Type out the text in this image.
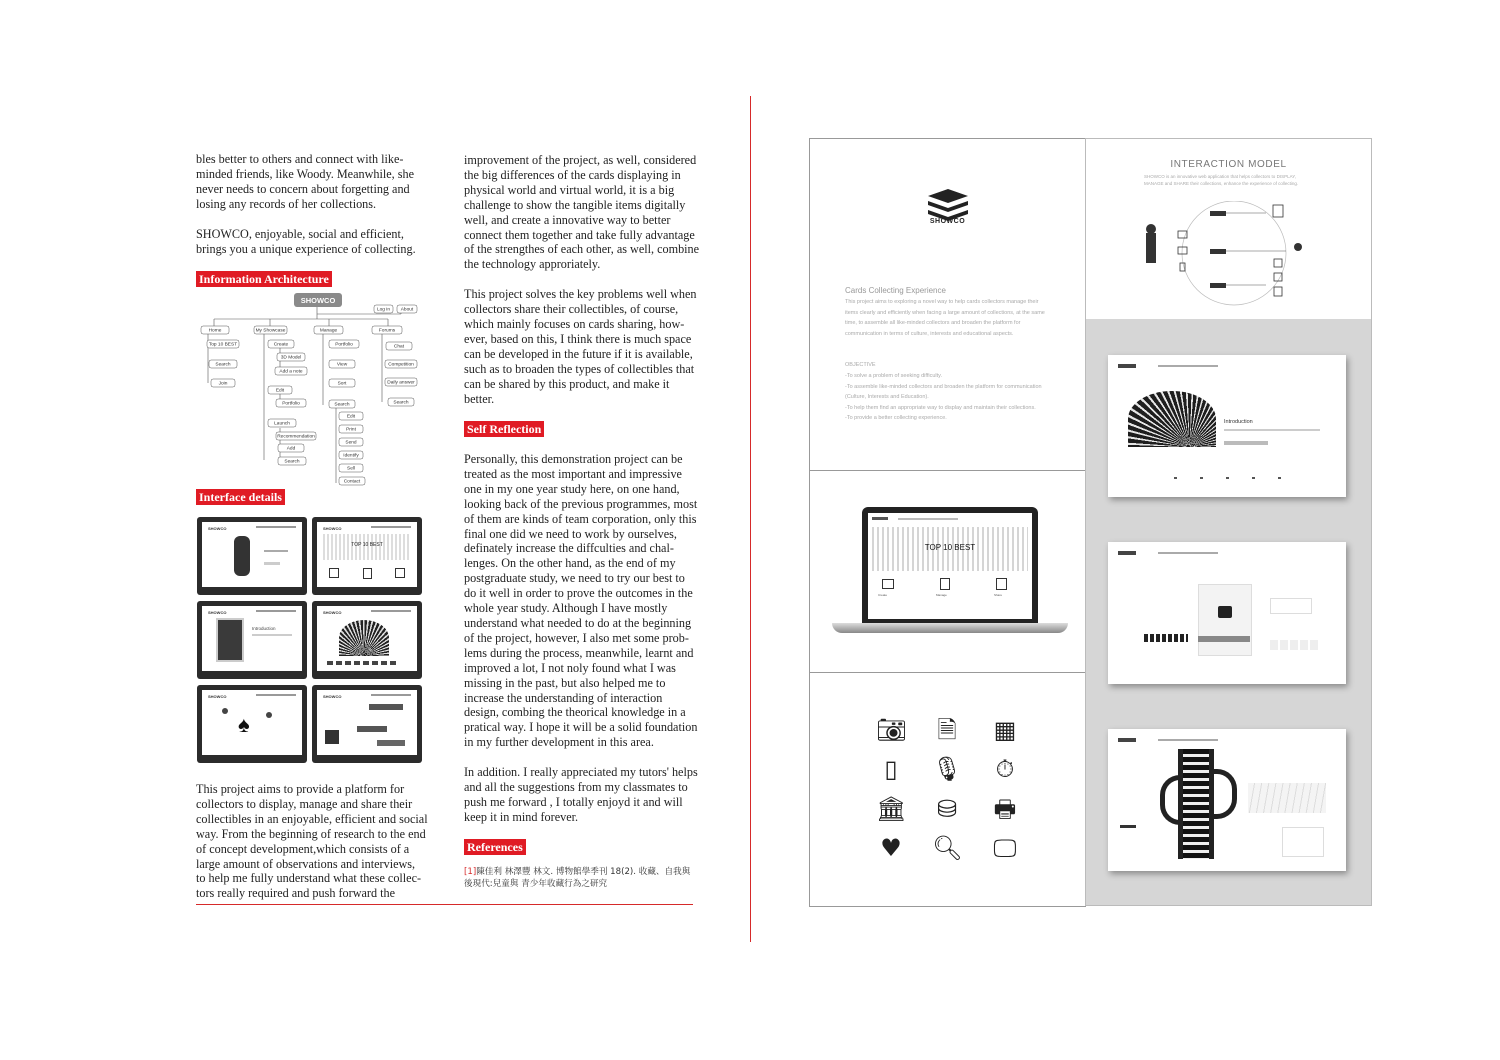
bles better to others and connect with like-
minded friends, like Woody. Meanwhile, she
never needs to concern about forgetting and
losing any records of her collections.

SHOWCO, enjoyable, social and efficient,
brings you a unique experience of collecting.

Information Architecture
SHOWCO
Log in About
Home	My Showcase	Manage	Forums
Top 10 BEST
Search
Join
Create
3D Model
Add a note
Edit
Portfolio
Launch
Recommendation
Add
Search
Portfolio
View
Sort
Search
Edit
Print
Send
Identify
Sell
Contact
Chat
Competition
Daily answer
Search
Interface details
SHOWCO	SHOWCO
TOP 10 BEST
SHOWCO
Introduction
SHOWCO
SHOWCO
♠
SHOWCO

This project aims to provide a platform for
collectors to display, manage and share their
collectibles in an enjoyable, efficient and social
way. From the beginning of research to the end
of concept development,which consists of a
large amount of observations and interviews,
to help me fully understand what these collec-
tors really required and push forward the

improvement of the project, as well, considered
the big differences of the cards displaying in
physical world and virtual world, it is a big
challenge to show the tangible items digitally
well, and create a innovative way to better
connect them together and take fully advantage
of the strengthes of each other, as well, combine
the technology approriately.

This project solves the key problems well when
collectors share their collectibles, of course,
which mainly focuses on cards sharing, how-
ever, based on this, I think there is much space
can be developed in the future if it is available,
such as to broaden the types of collectibles that
can be shared by this product, and make it
better.

Self Reflection

Personally, this demonstration project can be
treated as the most important and impressive
one in my one year study here, on one hand,
looking back of the previous programmes, most
of them are kinds of team corporation, only this
final one did we need to work by ourselves,
definately increase the diffculties and chal-
lenges. On the other hand, as the end of my
postgraduate study, we need to try our best to
do it well in order to prove the outcomes in the
whole year study. Although I have mostly
understand what needed to do at the beginning
of the project, however, I also met some prob-
lems during the process, meanwhile, learnt and
improved a lot, I not noly found what I was
missing in the past, but also helped me to
increase the understanding of interaction
design, combing the theorical knowledge in a
pratical way. I hope it will be a solid foundation
in my further development in this area.

In addition. I really appreciated my tutors' helps
and all the suggestions from my classmates to
push me forward , I totally enjoyd it and will
keep it in mind forever.

References
[1]陳佳利 林澤豐 林文. 博物館學季刊 18(2). 收藏、自我與
後現代:兒童與 青少年收藏行為之研究
SHOWCO
Cards Collecting Experience
This project aims to exploring a novel way to help cards collectors manage their items clearly and efficiently when facing a large amount of collections, at the same time, to assemble all like-minded collectors and broaden the platform for communication in terms of culture, interests and educational aspects.
OBJECTIVE
-To solve a problem of seeking difficulty.
-To assemble like-minded collectors and broaden the platform for communication (Culture, Interests and Education).
-To help them find an appropriate way to display and maintain their collections.
-To provide a better collecting experience.
TOP 10 BEST
Create	Manage	Share
📷︎ 🗎 ▦
▯	🎙︎ ⏱
🏛︎ ⛁ 🖶
♥ 🔍︎ 🖵
INTERACTION MODEL
SHOWCO is an innovative web application that helps collectors to DISPLAY, MANAGE and SHARE their collections, enhance the experience of collecting.
Introduction
